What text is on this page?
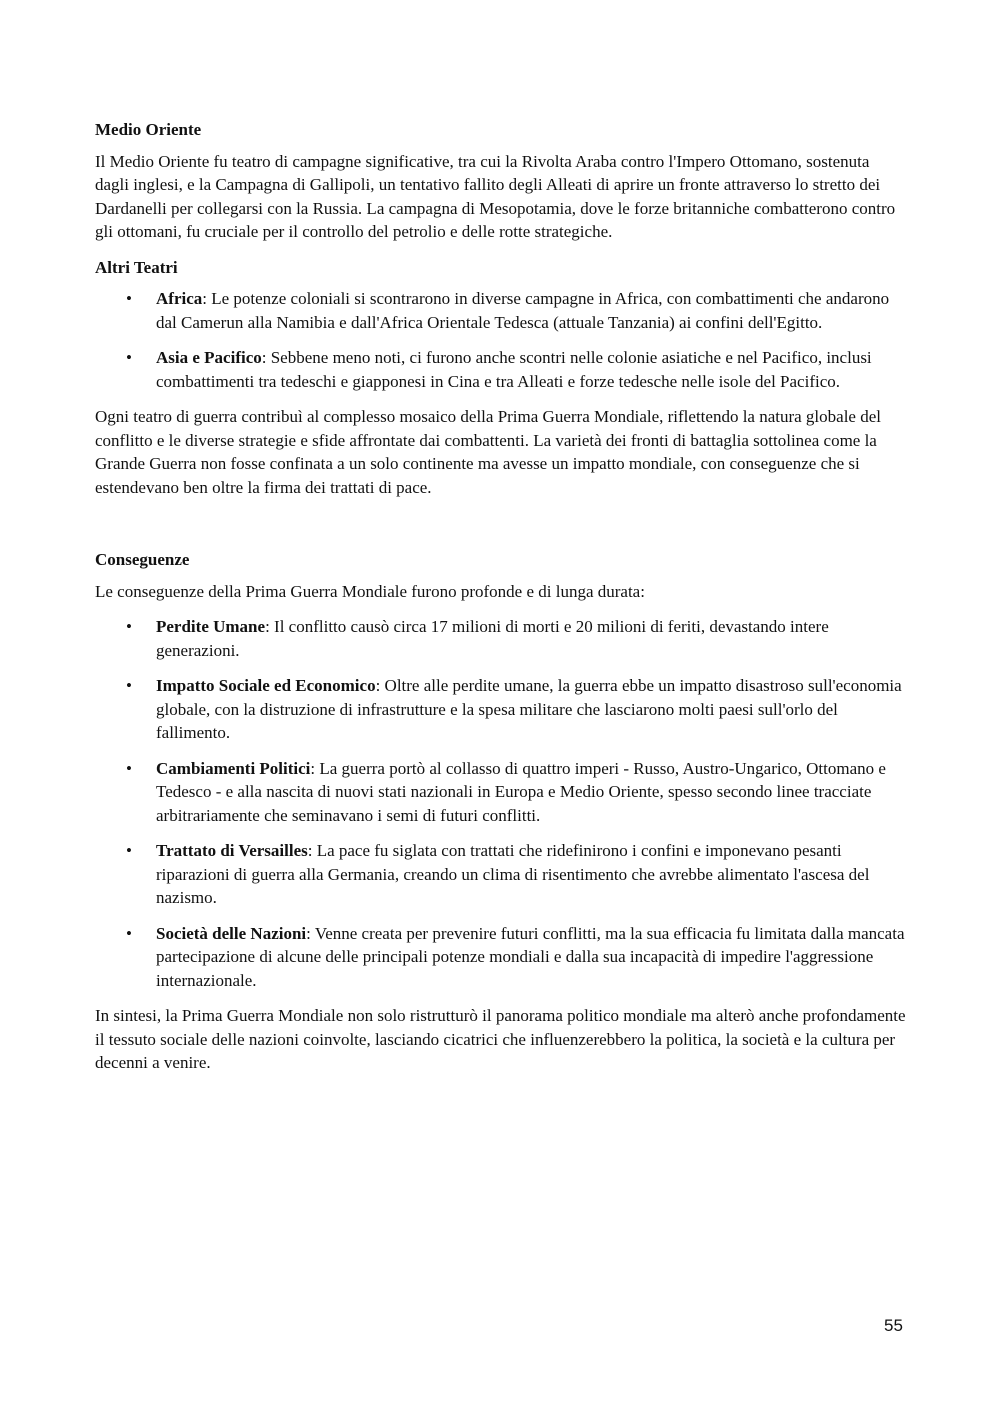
Medio Oriente

Il Medio Oriente fu teatro di campagne significative, tra cui la Rivolta Araba contro l'Impero Ottomano, sostenuta dagli inglesi, e la Campagna di Gallipoli, un tentativo fallito degli Alleati di aprire un fronte attraverso lo stretto dei Dardanelli per collegarsi con la Russia. La campagna di Mesopotamia, dove le forze britanniche combatterono contro gli ottomani, fu cruciale per il controllo del petrolio e delle rotte strategiche.

Altri Teatri
• Africa: Le potenze coloniali si scontrarono in diverse campagne in Africa, con combattimenti che andarono dal Camerun alla Namibia e dall'Africa Orientale Tedesca (attuale Tanzania) ai confini dell'Egitto.
• Asia e Pacifico: Sebbene meno noti, ci furono anche scontri nelle colonie asiatiche e nel Pacifico, inclusi combattimenti tra tedeschi e giapponesi in Cina e tra Alleati e forze tedesche nelle isole del Pacifico.

Ogni teatro di guerra contribuì al complesso mosaico della Prima Guerra Mondiale, riflettendo la natura globale del conflitto e le diverse strategie e sfide affrontate dai combattenti. La varietà dei fronti di battaglia sottolinea come la Grande Guerra non fosse confinata a un solo continente ma avesse un impatto mondiale, con conseguenze che si estendevano ben oltre la firma dei trattati di pace.

Conseguenze

Le conseguenze della Prima Guerra Mondiale furono profonde e di lunga durata:

• Perdite Umane: Il conflitto causò circa 17 milioni di morti e 20 milioni di feriti, devastando intere generazioni.
• Impatto Sociale ed Economico: Oltre alle perdite umane, la guerra ebbe un impatto disastroso sull'economia globale, con la distruzione di infrastrutture e la spesa militare che lasciarono molti paesi sull'orlo del fallimento.
• Cambiamenti Politici: La guerra portò al collasso di quattro imperi - Russo, Austro-Ungarico, Ottomano e Tedesco - e alla nascita di nuovi stati nazionali in Europa e Medio Oriente, spesso secondo linee tracciate arbitrariamente che seminavano i semi di futuri conflitti.
• Trattato di Versailles: La pace fu siglata con trattati che ridefinirono i confini e imponevano pesanti riparazioni di guerra alla Germania, creando un clima di risentimento che avrebbe alimentato l'ascesa del nazismo.
• Società delle Nazioni: Venne creata per prevenire futuri conflitti, ma la sua efficacia fu limitata dalla mancata partecipazione di alcune delle principali potenze mondiali e dalla sua incapacità di impedire l'aggressione internazionale.

In sintesi, la Prima Guerra Mondiale non solo ristrutturò il panorama politico mondiale ma alterò anche profondamente il tessuto sociale delle nazioni coinvolte, lasciando cicatrici che influenzerebbero la politica, la società e la cultura per decenni a venire.

55
